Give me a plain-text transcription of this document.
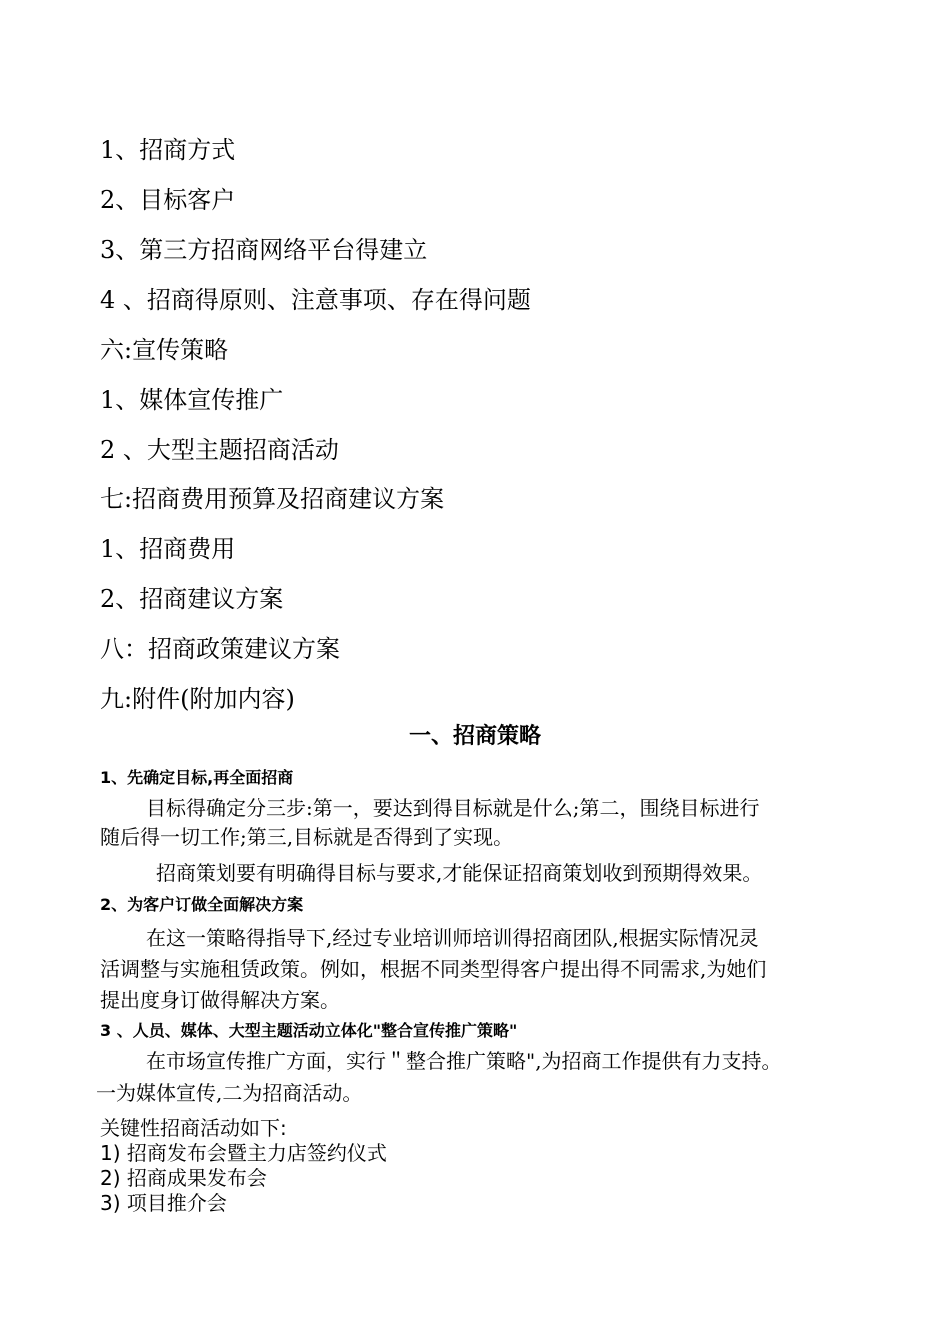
1、招商方式
2、目标客户
3、第三方招商网络平台得建立
4 、招商得原则、注意事项、存在得问题
六:宣传策略
1、媒体宣传推广
2 、大型主题招商活动
七:招商费用预算及招商建议方案
1、招商费用
2、招商建议方案
八：招商政策建议方案
九:附件(附加内容)
一、招商策略
1、先确定目标,再全面招商
目标得确定分三步:第一，要达到得目标就是什么;第二，围绕目标进行
随后得一切工作;第三,目标就是否得到了实现。
招商策划要有明确得目标与要求,才能保证招商策划收到预期得效果。
2、为客户订做全面解决方案
在这一策略得指导下,经过专业培训师培训得招商团队,根据实际情况灵
活调整与实施租赁政策。例如，根据不同类型得客户提出得不同需求,为她们
提出度身订做得解决方案。
3 、人员、媒体、大型主题活动立体化"整合宣传推广策略"
在市场宣传推广方面，实行＂整合推广策略",为招商工作提供有力支持。
一为媒体宣传,二为招商活动。
关键性招商活动如下:
1) 招商发布会暨主力店签约仪式
2) 招商成果发布会
3) 项目推介会
